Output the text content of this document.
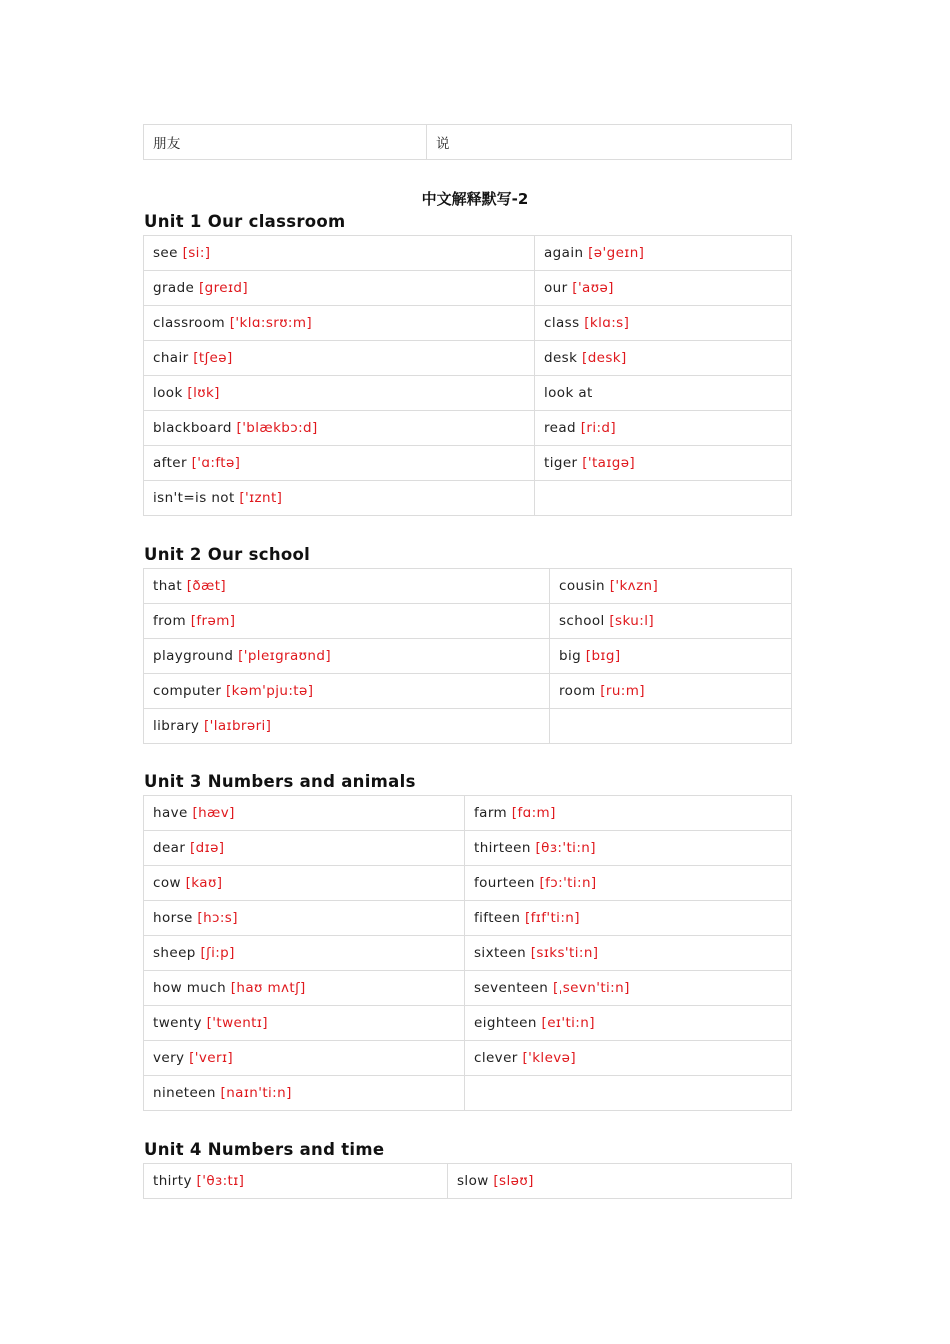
朋友	说
中文解释默写-2
Unit 1 Our classroom
see [si:]	again [ə'geɪn]
grade [greɪd]	our ['aʊə]
classroom ['klɑ:srʊ:m]	class [klɑ:s]
chair [tʃeə]	desk [desk]
look [lʊk]	look at
blackboard ['blækbɔ:d]	read [ri:d]
after ['ɑ:ftə]	tiger ['taɪgə]
isn't=is not ['ɪznt]	
Unit 2 Our school
that [ðæt]	cousin ['kʌzn]
from [frəm]	school [sku:l]
playground ['pleɪgraʊnd]	big [bɪg]
computer [kəm'pju:tə]	room [ru:m]
library ['laɪbrəri]	
Unit 3 Numbers and animals
have [hæv]	farm [fɑ:m]
dear [dɪə]	thirteen [θɜ:'ti:n]
cow [kaʊ]	fourteen [fɔ:'ti:n]
horse [hɔ:s]	fifteen [fɪf'ti:n]
sheep [ʃi:p]	sixteen [sɪks'ti:n]
how much [haʊ mʌtʃ]	seventeen [ˌsevn'ti:n]
twenty ['twentɪ]	eighteen [eɪ'ti:n]
very ['verɪ]	clever ['klevə]
nineteen [naɪn'ti:n]	
Unit 4 Numbers and time
thirty ['θɜ:tɪ]	slow [sləʊ]
